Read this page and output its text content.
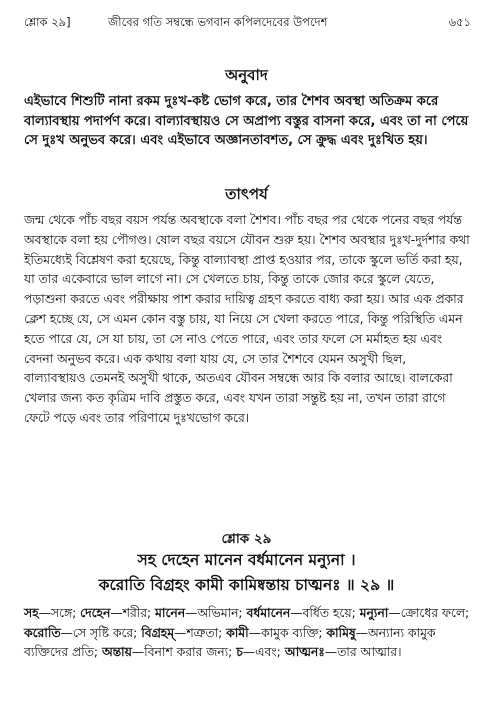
শ্লোক ২৯]	জীবের গতি সম্বন্ধে ভগবান কপিলদেবের উপদেশ	৬৫১
অনুবাদ
এইভাবে শিশুটি নানা রকম দুঃখ-কষ্ট ভোগ করে, তার শৈশব অবস্থা অতিক্রম করে বাল্যাবস্থায় পদার্পণ করে। বাল্যাবস্থায়ও সে অপ্রাপ্য বস্তুর বাসনা করে, এবং তা না পেয়ে সে দুঃখ অনুভব করে। এবং এইভাবে অজ্ঞানতাবশত, সে ক্রুদ্ধ এবং দুঃখিত হয়।
তাৎপর্য
জন্ম থেকে পাঁচ বছর বয়স পর্যন্ত অবস্থাকে বলা শৈশব। পাঁচ বছর পর থেকে পনের বছর পর্যন্ত অবস্থাকে বলা হয় পৌগণ্ড। ষোল বছর বয়সে যৌবন শুরু হয়। শৈশব অবস্থার দুঃখ-দুর্দশার কথা ইতিমধ্যেই বিশ্লেষণ করা হয়েছে, কিন্তু বাল্যাবস্থা প্রাপ্ত হওয়ার পর, তাকে স্কুলে ভর্তি করা হয়, যা তার একেবারে ভাল লাগে না। সে খেলতে চায়, কিন্তু তাকে জোর করে স্কুলে যেতে, পড়াশুনা করতে এবং পরীক্ষায় পাশ করার দায়িত্ব গ্রহণ করতে বাধ্য করা হয়। আর এক প্রকার ক্লেশ হচ্ছে যে, সে এমন কোন বস্তু চায়, যা নিয়ে সে খেলা করতে পারে, কিন্তু পরিস্থিতি এমন হতে পারে যে, সে যা চায়, তা সে নাও পেতে পারে, এবং তার ফলে সে মর্মাহত হয় এবং বেদনা অনুভব করে। এক কথায় বলা যায় যে, সে তার শৈশবে যেমন অসুখী ছিল, বাল্যাবস্থায়ও তেমনই অসুখী থাকে, অতএব যৌবন সম্বন্ধে আর কি বলার আছে। বালকেরা খেলার জন্য কত কৃত্রিম দাবি প্রস্তুত করে, এবং যখন তারা সন্তুষ্ট হয় না, তখন তারা রাগে ফেটে পড়ে এবং তার পরিণামে দুঃখভোগ করে।
শ্লোক ২৯
সহ দেহেন মানেন বর্ধমানেন মন্যুনা ।
করোতি বিগ্রহং কামী কামিষ্বন্তায় চাত্মনঃ ॥ ২৯ ॥
সহ—সঙ্গে; দেহেন—শরীর; মানেন—অভিমান; বর্ধমানেন—বর্ধিত হয়ে; মন্যুনা—ক্রোধের ফলে; করোতি—সে সৃষ্টি করে; বিগ্রহম্—শত্রুতা; কামী—কামুক ব্যক্তি; কামিষু—অন্যান্য কামুক ব্যক্তিদের প্রতি; অন্তায়—বিনাশ করার জন্য; চ—এবং; আত্মনঃ—তার আত্মার।
